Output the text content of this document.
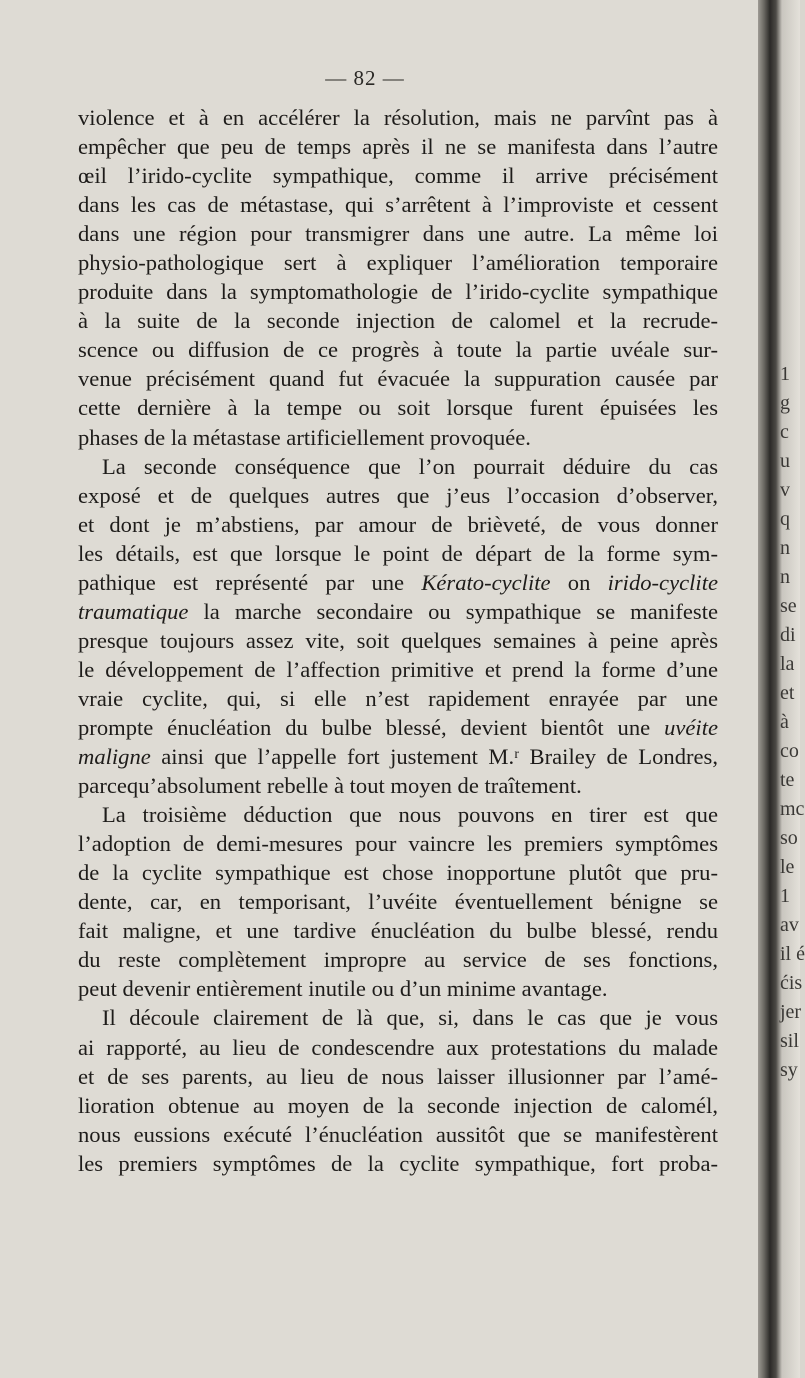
— 82 —
violence et à en accélérer la résolution, mais ne parvînt pas à
empêcher que peu de temps après il ne se manifesta dans l’autre
œil l’irido-cyclite sympathique, comme il arrive précisément
dans les cas de métastase, qui s’arrêtent à l’improviste et cessent
dans une région pour transmigrer dans une autre. La même loi
physio-pathologique sert à expliquer l’amélioration temporaire
produite dans la symptomathologie de l’irido-cyclite sympathique
à la suite de la seconde injection de calomel et la recrude-
scence ou diffusion de ce progrès à toute la partie uvéale sur-
venue précisément quand fut évacuée la suppuration causée par
cette dernière à la tempe ou soit lorsque furent épuisées les
phases de la métastase artificiellement provoquée.
La seconde conséquence que l’on pourrait déduire du cas
exposé et de quelques autres que j’eus l’occasion d’observer,
et dont je m’abstiens, par amour de brièveté, de vous donner
les détails, est que lorsque le point de départ de la forme sym-
pathique est représenté par une Kérato-cyclite on irido-cyclite
traumatique la marche secondaire ou sympathique se manifeste
presque toujours assez vite, soit quelques semaines à peine après
le développement de l’affection primitive et prend la forme d’une
vraie cyclite, qui, si elle n’est rapidement enrayée par une
prompte énucléation du bulbe blessé, devient bientôt une uvéite
maligne ainsi que l’appelle fort justement M.ʳ Brailey de Londres,
parcequ’absolument rebelle à tout moyen de traîtement.
La troisième déduction que nous pouvons en tirer est que
l’adoption de demi-mesures pour vaincre les premiers symptômes
de la cyclite sympathique est chose inopportune plutôt que pru-
dente, car, en temporisant, l’uvéite éventuellement bénigne se
fait maligne, et une tardive énucléation du bulbe blessé, rendu
du reste complètement impropre au service de ses fonctions,
peut devenir entièrement inutile ou d’un minime avantage.
Il découle clairement de là que, si, dans le cas que je vous
ai rapporté, au lieu de condescendre aux protestations du malade
et de ses parents, au lieu de nous laisser illusionner par l’amé-
lioration obtenue au moyen de la seconde injection de calomél,
nous eussions exécuté l’énucléation aussitôt que se manifestèrent
les premiers symptômes de la cyclite sympathique, fort proba-
1
g
c
u
v
q
n
n
se
di
la
et
à
co
te
mc
so
le
1
av
il é
ćis
jer
sil
sy
